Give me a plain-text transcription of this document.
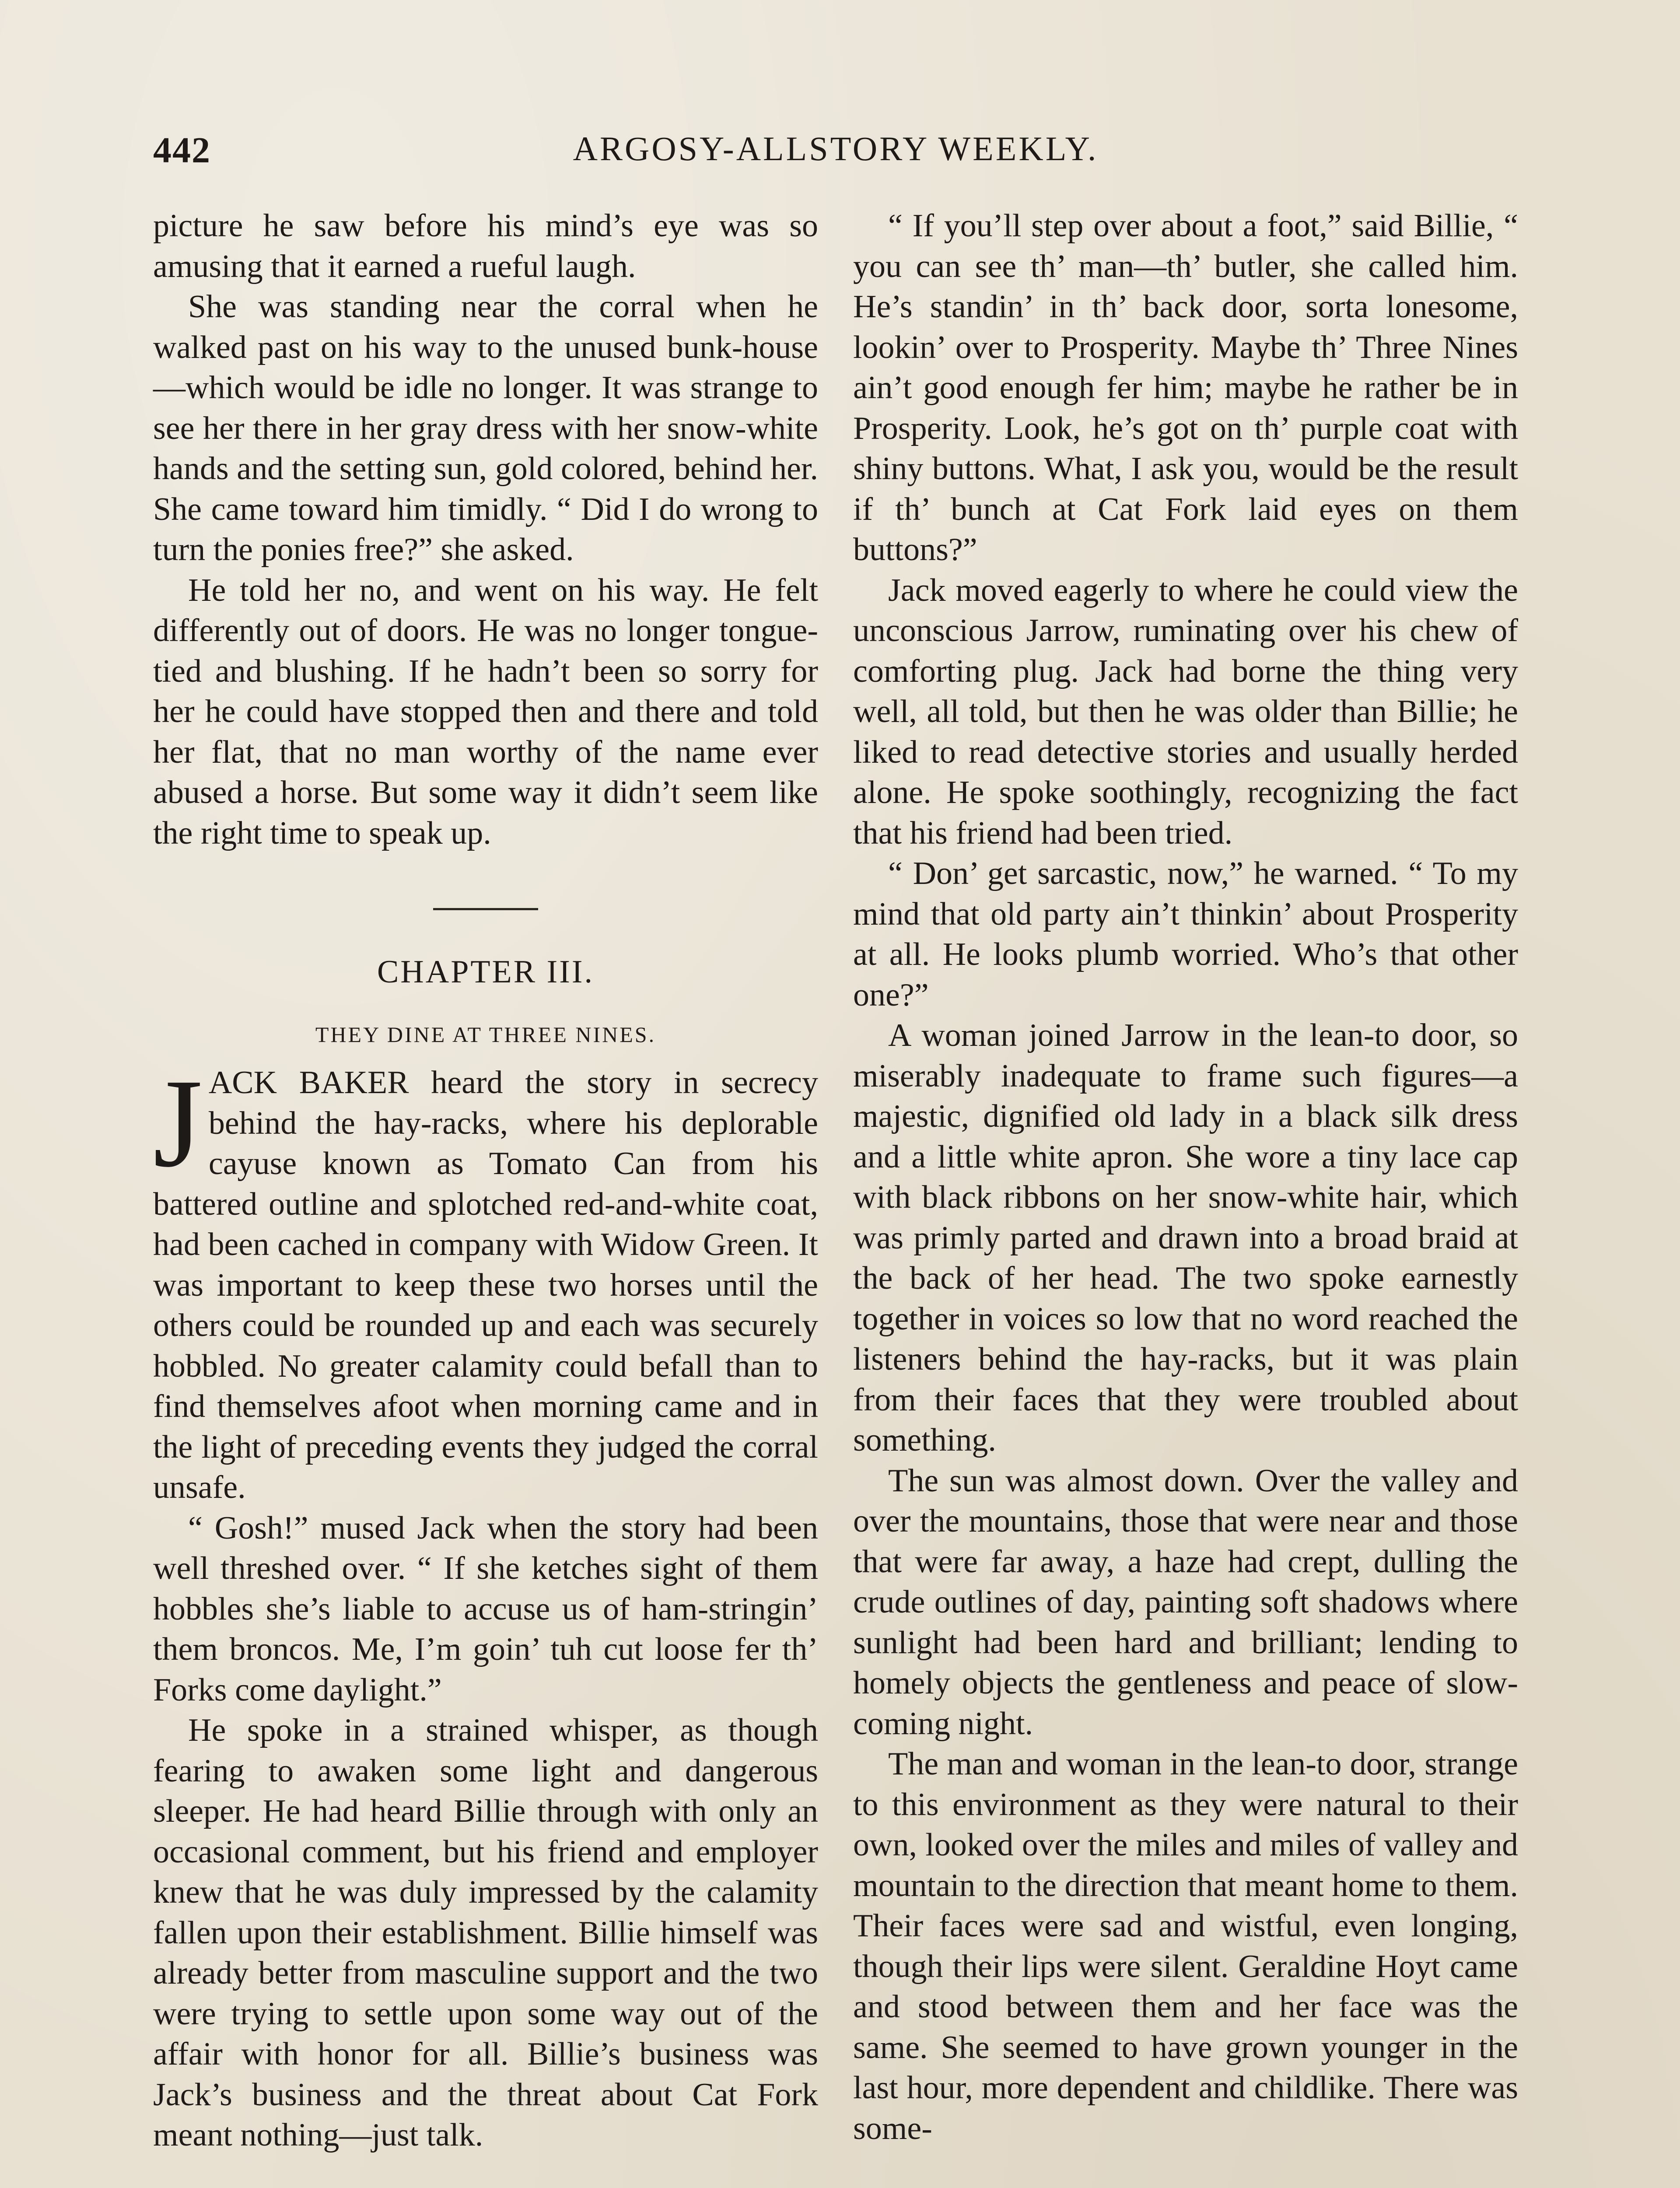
442	ARGOSY-ALLSTORY WEEKLY.

picture he saw before his mind’s eye was so amusing that it earned a rueful laugh.

She was standing near the corral when he walked past on his way to the unused bunk-house—which would be idle no longer. It was strange to see her there in her gray dress with her snow-white hands and the setting sun, gold colored, behind her. She came toward him timidly. “ Did I do wrong to turn the ponies free?” she asked.

He told her no, and went on his way. He felt differently out of doors. He was no longer tongue-tied and blushing. If he hadn’t been so sorry for her he could have stopped then and there and told her flat, that no man worthy of the name ever abused a horse. But some way it didn’t seem like the right time to speak up.

CHAPTER III.
THEY DINE AT THREE NINES.

J ACK BAKER heard the story in secrecy behind the hay-racks, where his deplorable cayuse known as Tomato Can from his battered outline and splotched red-and-white coat, had been cached in company with Widow Green. It was important to keep these two horses until the others could be rounded up and each was securely hobbled. No greater calamity could befall than to find themselves afoot when morning came and in the light of preceding events they judged the corral unsafe.

“ Gosh!” mused Jack when the story had been well threshed over. “ If she ketches sight of them hobbles she’s liable to accuse us of ham-stringin’ them broncos. Me, I’m goin’ tuh cut loose fer th’ Forks come daylight.”

He spoke in a strained whisper, as though fearing to awaken some light and dangerous sleeper. He had heard Billie through with only an occasional comment, but his friend and employer knew that he was duly impressed by the calamity fallen upon their establishment. Billie himself was already better from masculine support and the two were trying to settle upon some way out of the affair with honor for all. Billie’s business was Jack’s business and the threat about Cat Fork meant nothing—just talk.

“ If you’ll step over about a foot,” said Billie, “ you can see th’ man—th’ butler, she called him. He’s standin’ in th’ back door, sorta lonesome, lookin’ over to Prosperity. Maybe th’ Three Nines ain’t good enough fer him; maybe he rather be in Prosperity. Look, he’s got on th’ purple coat with shiny buttons. What, I ask you, would be the result if th’ bunch at Cat Fork laid eyes on them buttons?”

Jack moved eagerly to where he could view the unconscious Jarrow, ruminating over his chew of comforting plug. Jack had borne the thing very well, all told, but then he was older than Billie; he liked to read detective stories and usually herded alone. He spoke soothingly, recognizing the fact that his friend had been tried.

“ Don’ get sarcastic, now,” he warned. “ To my mind that old party ain’t thinkin’ about Prosperity at all. He looks plumb worried. Who’s that other one?”

A woman joined Jarrow in the lean-to door, so miserably inadequate to frame such figures—a majestic, dignified old lady in a black silk dress and a little white apron. She wore a tiny lace cap with black ribbons on her snow-white hair, which was primly parted and drawn into a broad braid at the back of her head. The two spoke earnestly together in voices so low that no word reached the listeners behind the hay-racks, but it was plain from their faces that they were troubled about something.

The sun was almost down. Over the valley and over the mountains, those that were near and those that were far away, a haze had crept, dulling the crude outlines of day, painting soft shadows where sunlight had been hard and brilliant; lending to homely objects the gentleness and peace of slow-coming night.

The man and woman in the lean-to door, strange to this environment as they were natural to their own, looked over the miles and miles of valley and mountain to the direction that meant home to them. Their faces were sad and wistful, even longing, though their lips were silent. Geraldine Hoyt came and stood between them and her face was the same. She seemed to have grown younger in the last hour, more dependent and childlike. There was some-
